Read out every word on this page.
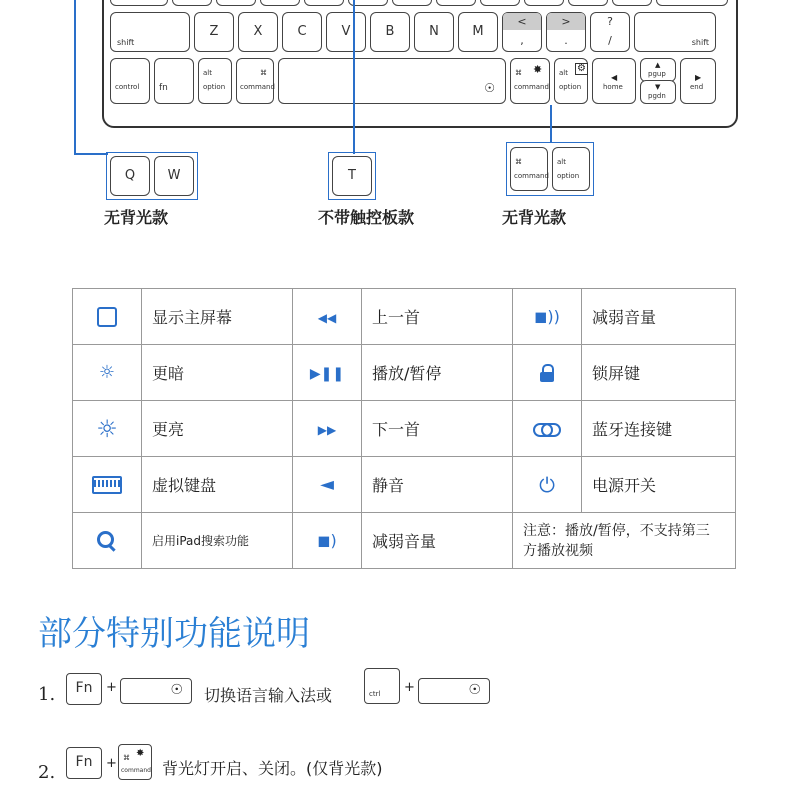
shift
Z	X	C	V	B	N	M
<
,
>
.
?
/	shift
control fn
alt
option
⌘
command	☉
⌘ ✸
command
alt ⚙
option
◀
home
▲
pgup
▼
pgdn
▶
end
Q	W
无背光款
T
不带触控板款
⌘
command
alt
option
无背光款
	显示主屏幕	◀◀	上一首	◼))	减弱音量
☼	更暗	▶❚❚	播放/暂停		锁屏键
☼	更亮	▶▶	下一首		蓝牙连接键
	虚拟键盘	◄	静音	⏻	电源开关

	启用iPad搜索功能	◼)	减弱音量	注意：播放/暂停，不支持第三方播放视频	
部分特别功能说明
1.	Fn	+	☉ 切换语言输入法或	ctrl +	☉
2.	Fn	+ ⌘ ✸
command 背光灯开启、关闭。(仅背光款)
